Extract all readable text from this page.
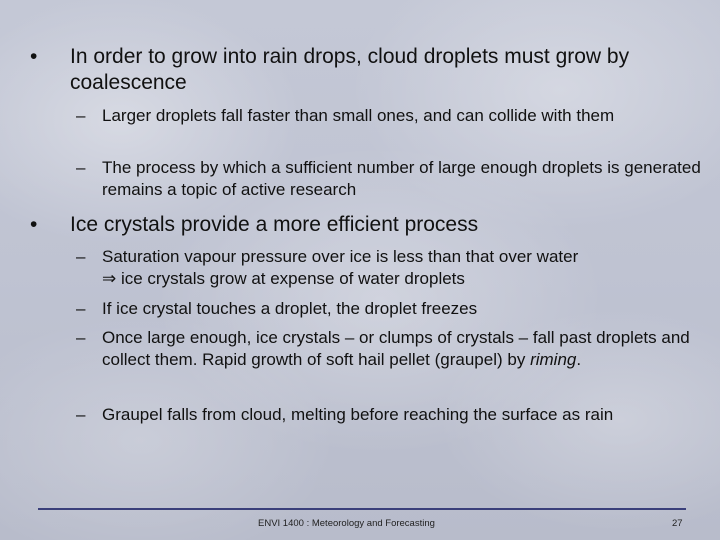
•	In order to grow into rain drops, cloud droplets must grow by coalescence
– Larger droplets fall faster than small ones, and can collide with them
– The process by which a sufficient number of large enough droplets is generated remains a topic of active research
•	Ice crystals provide a more efficient process
– Saturation vapour pressure over ice is less than that over water
⇒ ice crystals grow at expense of water droplets
– If ice crystal touches a droplet, the droplet freezes
– Once large enough, ice crystals – or clumps of crystals – fall past droplets and collect them. Rapid growth of soft hail pellet (graupel) by riming.
– Graupel falls from cloud, melting before reaching the surface as rain
ENVI 1400 : Meteorology and Forecasting	27
